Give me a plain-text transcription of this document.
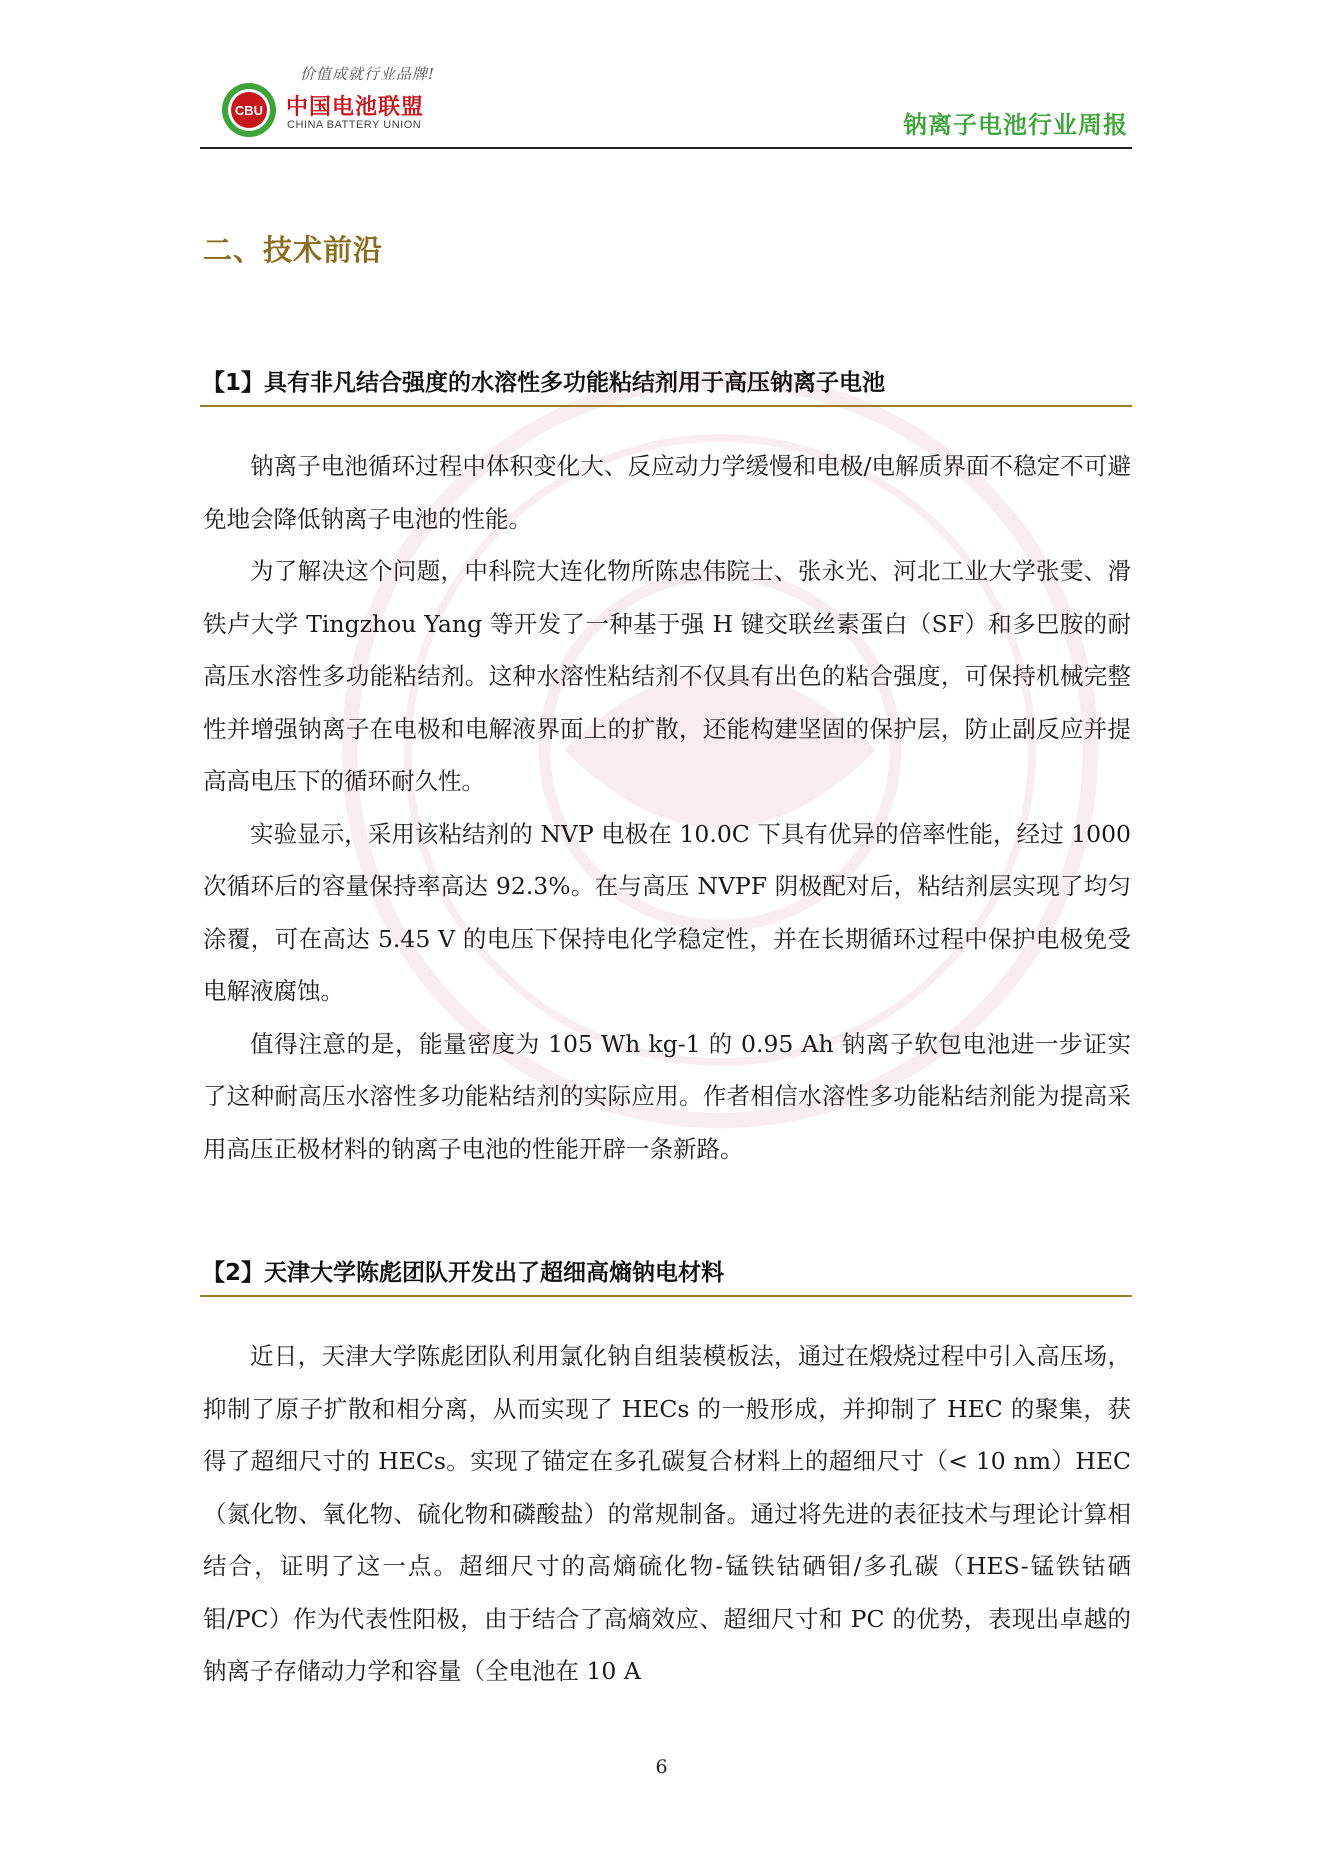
CBU
价值成就行业品牌!
中国电池联盟
CHINA BATTERY UNION	钠离子电池行业周报
二、技术前沿
【1】具有非凡结合强度的水溶性多功能粘结剂用于高压钠离子电池

钠离子电池循环过程中体积变化大、反应动力学缓慢和电极/电解质界面不稳定不可避免地会降低钠离子电池的性能。

为了解决这个问题，中科院大连化物所陈忠伟院士、张永光、河北工业大学张雯、滑铁卢大学 Tingzhou Yang 等开发了一种基于强 H 键交联丝素蛋白（SF）和多巴胺的耐高压水溶性多功能粘结剂。这种水溶性粘结剂不仅具有出色的粘合强度，可保持机械完整性并增强钠离子在电极和电解液界面上的扩散，还能构建坚固的保护层，防止副反应并提高高电压下的循环耐久性。

实验显示，采用该粘结剂的 NVP 电极在 10.0C 下具有优异的倍率性能，经过 1000 次循环后的容量保持率高达 92.3%。在与高压 NVPF 阴极配对后，粘结剂层实现了均匀涂覆，可在高达 5.45 V 的电压下保持电化学稳定性，并在长期循环过程中保护电极免受电解液腐蚀。

值得注意的是，能量密度为 105 Wh kg-1 的 0.95 Ah 钠离子软包电池进一步证实了这种耐高压水溶性多功能粘结剂的实际应用。作者相信水溶性多功能粘结剂能为提高采用高压正极材料的钠离子电池的性能开辟一条新路。

【2】天津大学陈彪团队开发出了超细高熵钠电材料

近日，天津大学陈彪团队利用氯化钠自组装模板法，通过在煅烧过程中引入高压场，抑制了原子扩散和相分离，从而实现了 HECs 的一般形成，并抑制了 HEC 的聚集，获得了超细尺寸的 HECs。实现了锚定在多孔碳复合材料上的超细尺寸（< 10 nm）HEC（氮化物、氧化物、硫化物和磷酸盐）的常规制备。通过将先进的表征技术与理论计算相结合，证明了这一点。超细尺寸的高熵硫化物-锰铁钴硒钼/多孔碳（HES-锰铁钴硒钼/PC）作为代表性阳极，由于结合了高熵效应、超细尺寸和 PC 的优势，表现出卓越的钠离子存储动力学和容量（全电池在 10 A

6
